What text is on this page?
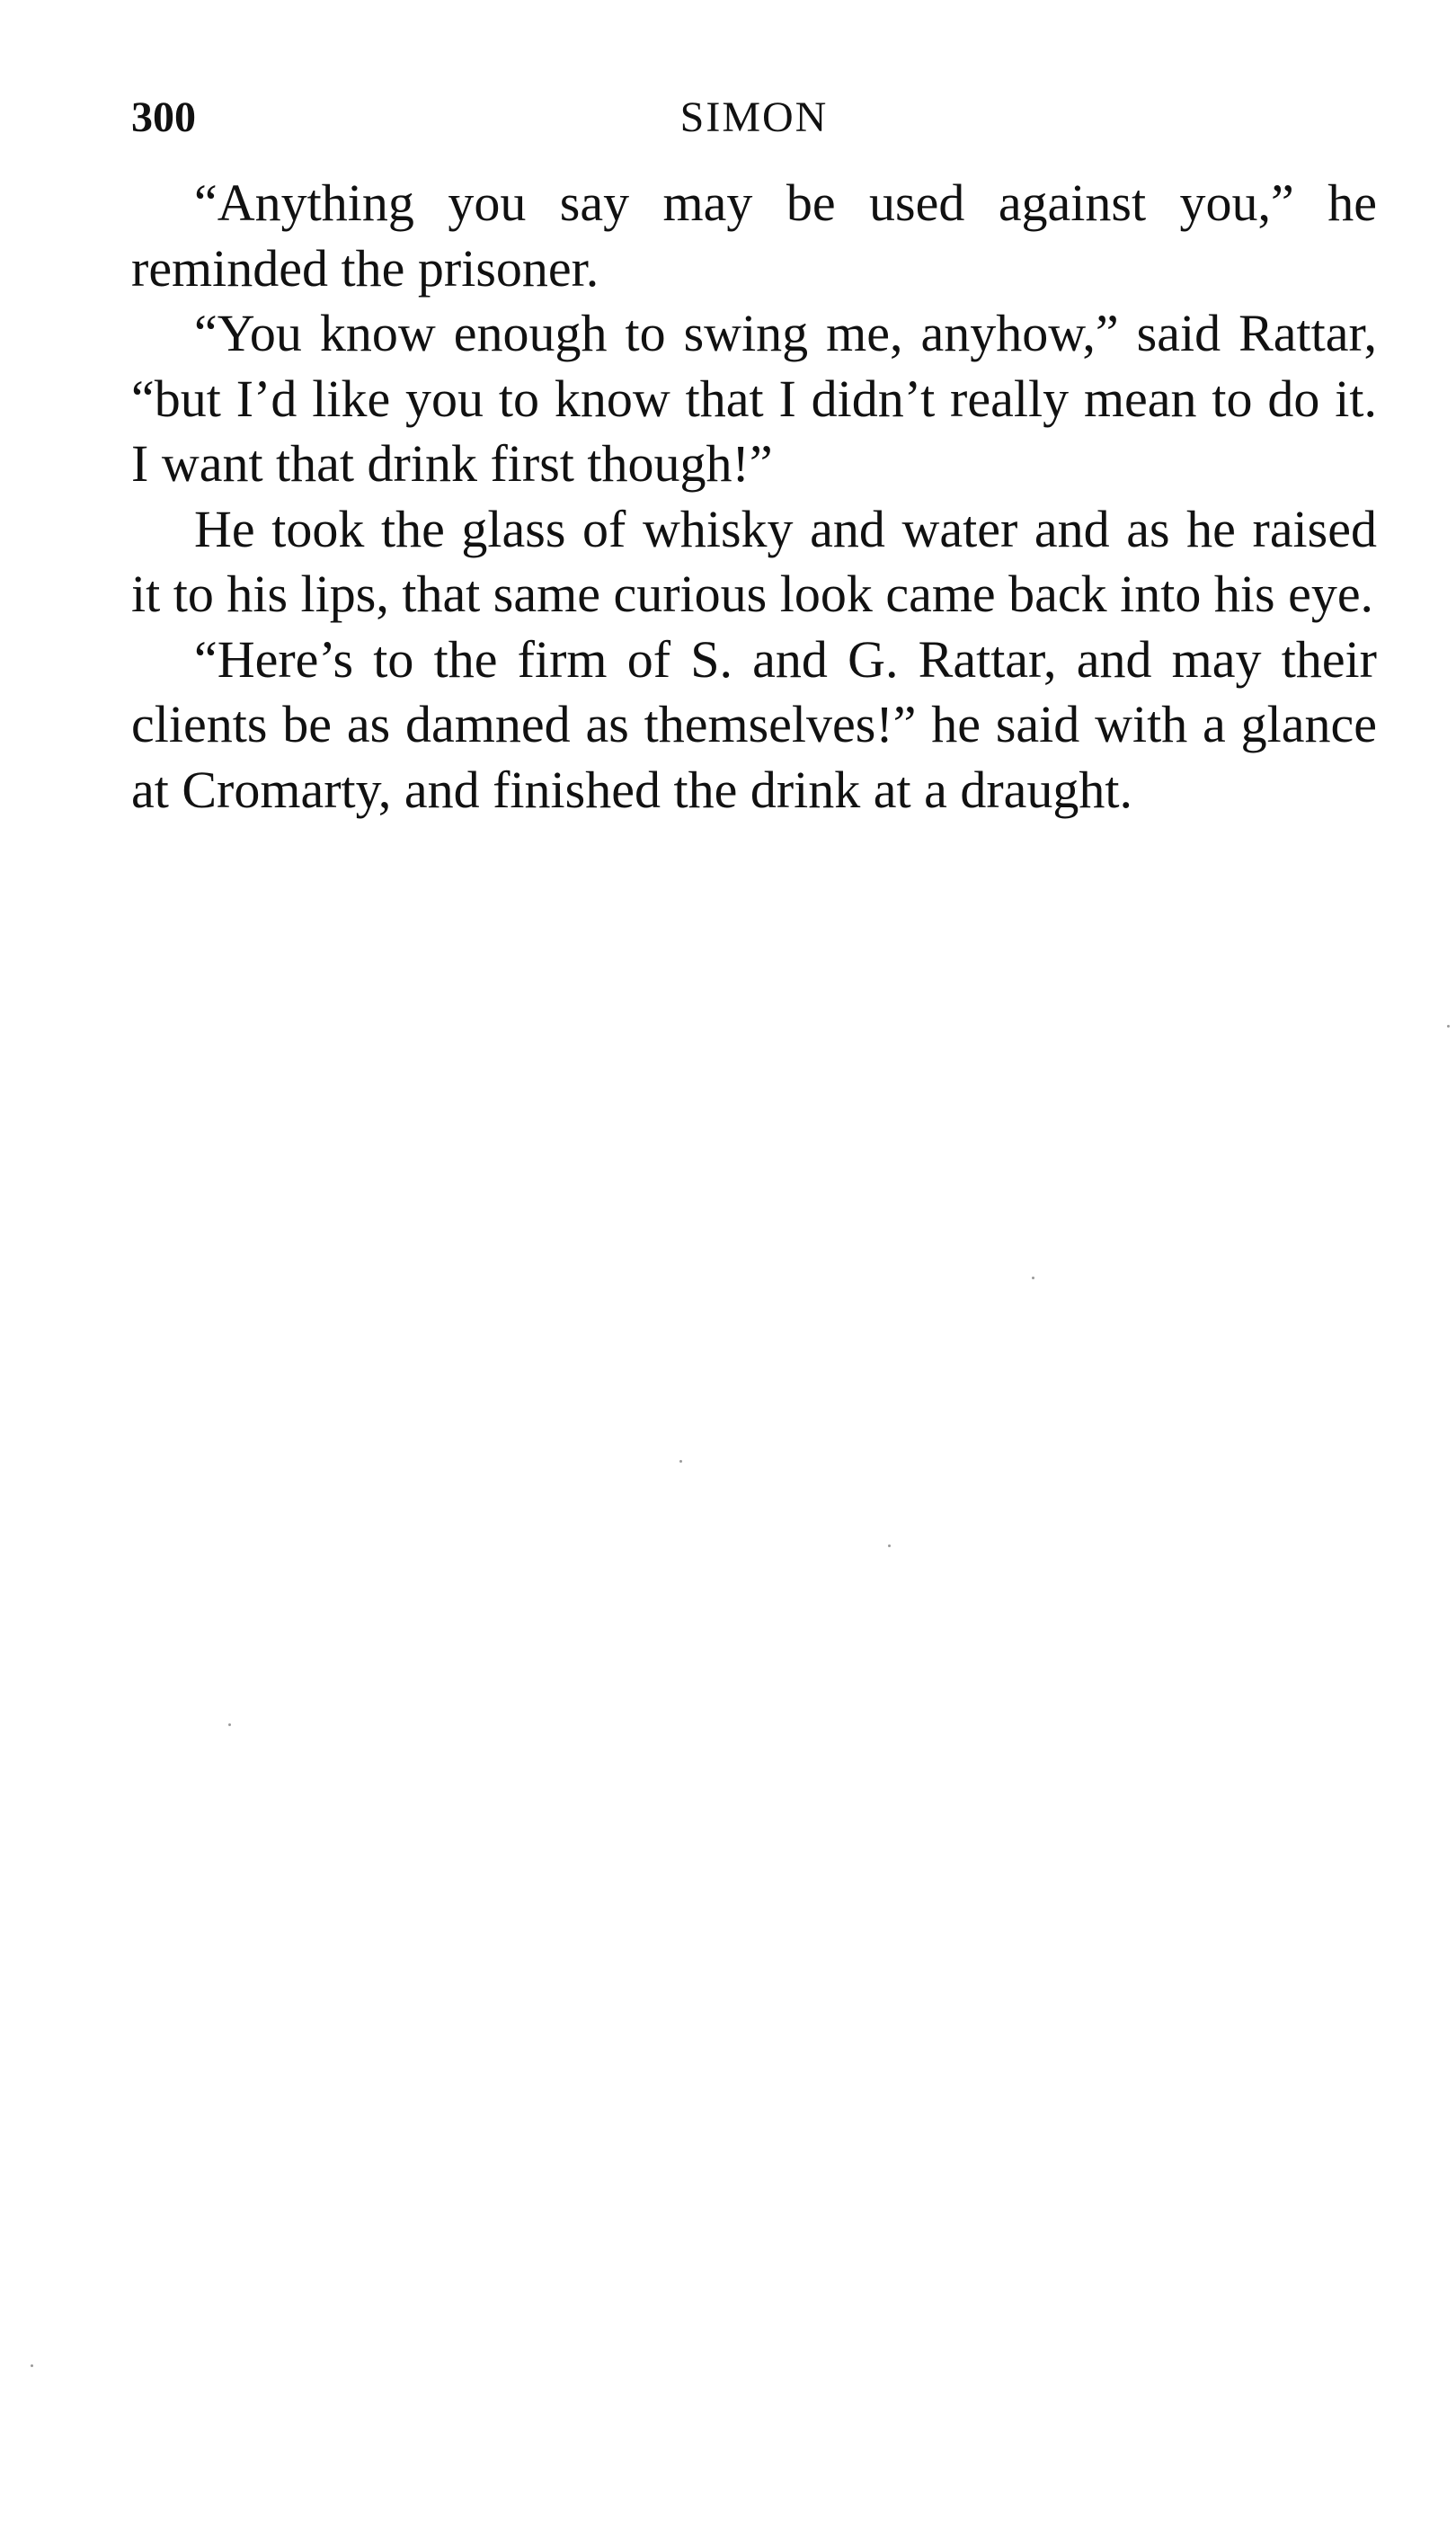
300	SIMON

“Anything you say may be used against you,” he reminded the prisoner.

“You know enough to swing me, anyhow,” said Rattar, “but I’d like you to know that I didn’t really mean to do it. I want that drink first though!”

He took the glass of whisky and water and as he raised it to his lips, that same curious look came back into his eye.

“Here’s to the firm of S. and G. Rattar, and may their clients be as damned as themselves!” he said with a glance at Cromarty, and finished the drink at a draught.
